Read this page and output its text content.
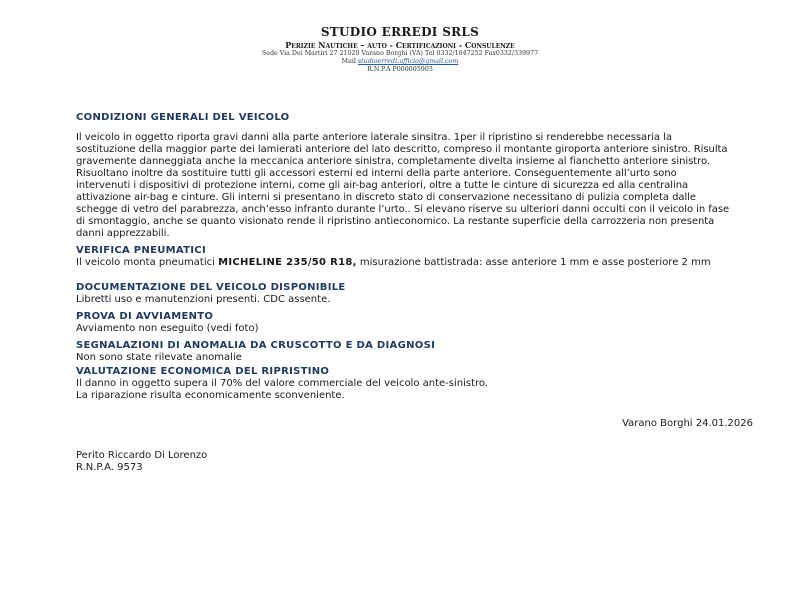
STUDIO ERREDI SRLS
Perizie Nautiche – auto - Certificazioni - Consulenze
Sede Via Dei Martiri 27 21020 Varano Borghi (VA) Tel 0332/1647252 Fax0332/339977
Mail studioerredi.ufficio@gmail.com
R.N.P.A P000005903
CONDIZIONI GENERALI DEL VEICOLO

Il veicolo in oggetto riporta gravi danni alla parte anteriore laterale sinsitra. 1per il ripristino si renderebbe necessaria la sostituzione della maggior parte dei lamierati anteriore del lato descritto, compreso il montante giroporta anteriore sinistro. Risulta gravemente danneggiata anche la meccanica anteriore sinistra, completamente divelta insieme al fianchetto anteriore sinistro. Risuoltano inoltre da sostituire tutti gli accessori esterni ed interni della parte anteriore. Conseguentemente all’urto sono intervenuti i dispositivi di protezione interni, come gli air-bag anteriori, oltre a tutte le cinture di sicurezza ed alla centralina attivazione air-bag e cinture. Gli interni si presentano in discreto stato di conservazione necessitano di pulizia completa dalle schegge di vetro del parabrezza, anch’esso infranto durante l’urto.. Si elevano riserve su ulteriori danni occulti con il veicolo in fase di smontaggio, anche se quanto visionato rende il ripristino antieconomico. La restante superficie della carrozzeria non presenta danni apprezzabili.

VERIFICA PNEUMATICI

Il veicolo monta pneumatici MICHELINE 235/50 R18, misurazione battistrada: asse anteriore 1 mm e asse posteriore 2 mm

DOCUMENTAZIONE DEL VEICOLO DISPONIBILE

Libretti uso e manutenzioni presenti. CDC assente.

PROVA DI AVVIAMENTO

Avviamento non eseguito (vedi foto)

SEGNALAZIONI DI ANOMALIA DA CRUSCOTTO E DA DIAGNOSI

Non sono state rilevate anomalie

VALUTAZIONE ECONOMICA DEL RIPRISTINO

Il danno in oggetto supera il 70% del valore commerciale del veicolo ante-sinistro.

La riparazione risulta economicamente sconveniente.

Varano Borghi 24.01.2026
Perito Riccardo Di Lorenzo
R.N.P.A. 9573
